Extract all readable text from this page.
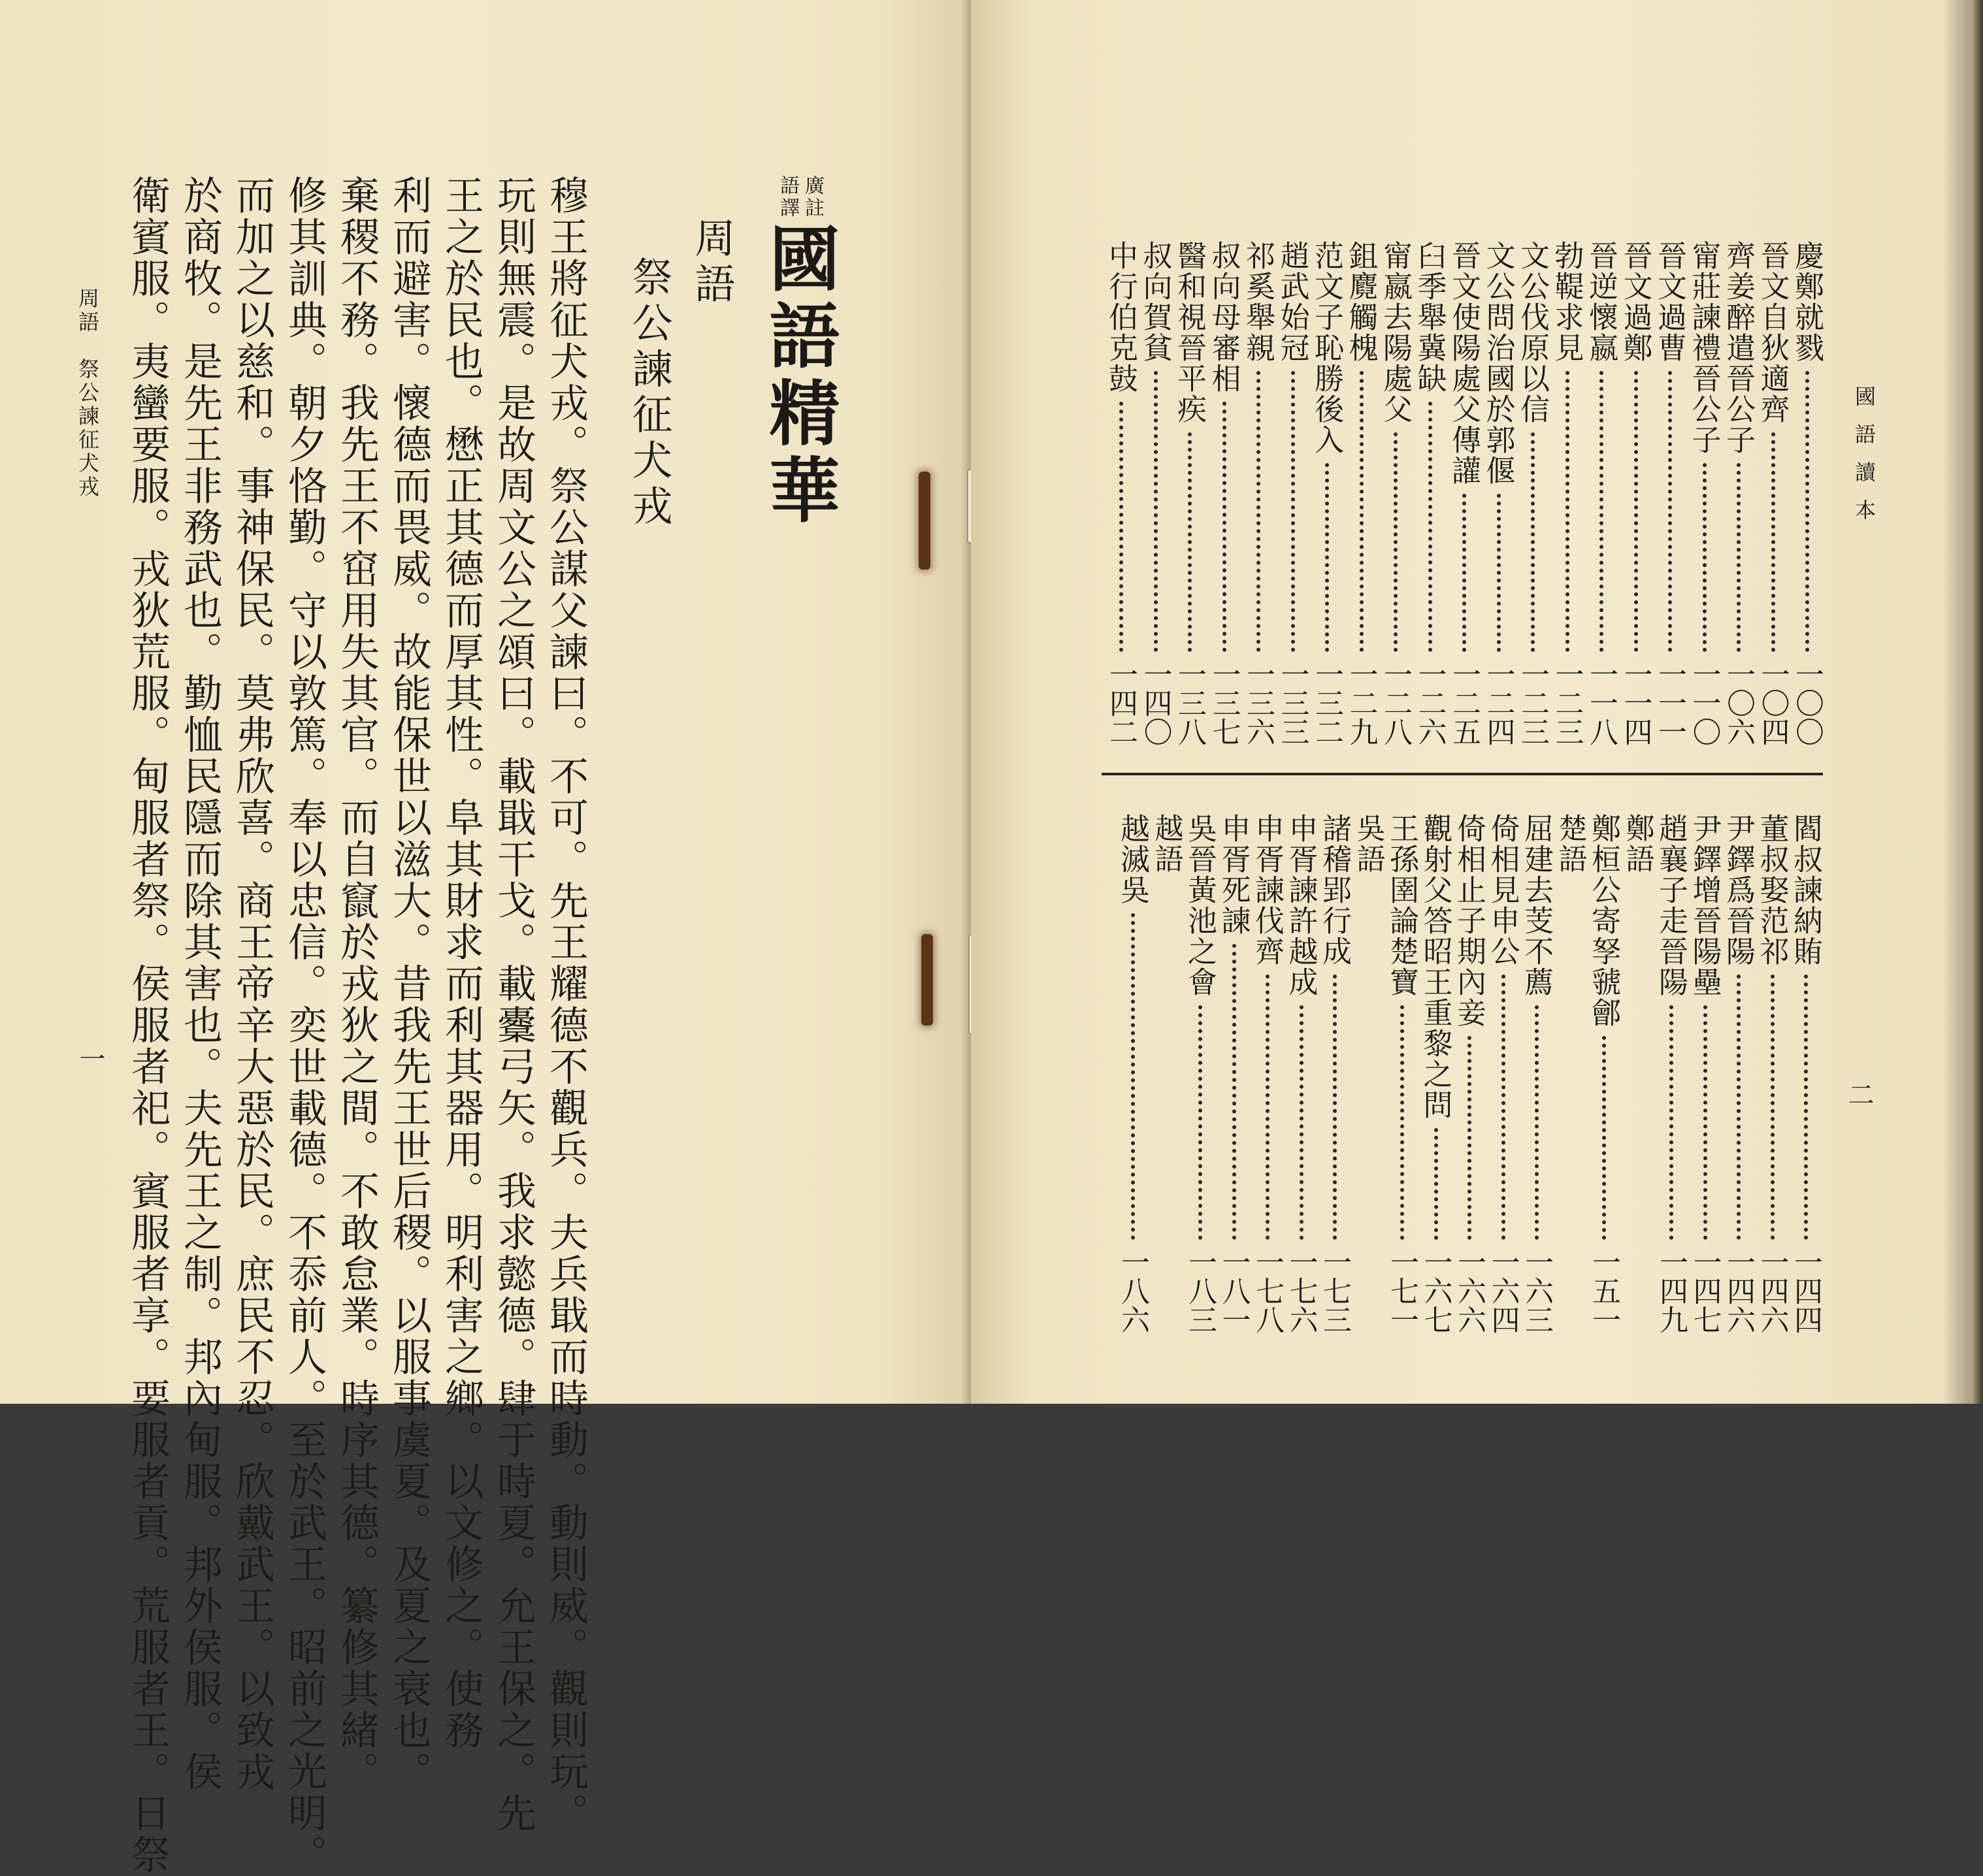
廣註
語譯
國語精華
周語
祭公諫征犬戎
穆王將征犬戎。祭公謀父諫曰。不可。先王耀德不觀兵。夫兵戢而時動。動則威。觀則玩。
玩則無震。是故周文公之頌曰。載戢干戈。載櫜弓矢。我求懿德。肆于時夏。允王保之。先
王之於民也。懋正其德而厚其性。阜其財求而利其器用。明利害之鄉。以文修之。使務
利而避害。懷德而畏威。故能保世以滋大。昔我先王世后稷。以服事虞夏。及夏之衰也。
棄稷不務。我先王不窋用失其官。而自竄於戎狄之間。不敢怠業。時序其德。纂修其緒。
修其訓典。朝夕恪勤。守以敦篤。奉以忠信。奕世載德。不忝前人。至於武王。昭前之光明。
而加之以慈和。事神保民。莫弗欣喜。商王帝辛大惡於民。庶民不忍。欣戴武王。以致戎
於商牧。是先王非務武也。勤恤民隱而除其害也。夫先王之制。邦內甸服。邦外侯服。侯
衛賓服。夷蠻要服。戎狄荒服。甸服者祭。侯服者祀。賓服者享。要服者貢。荒服者王。日祭
周語　祭公諫征犬戎
一
國語讀本
慶鄭就戮
一〇〇
晉文自狄適齊
一〇四
齊姜醉遣晉公子
一〇六
甯莊諫禮晉公子
一一〇
晉文過曹
一一一
晉文過鄭
一一四
晉逆懷嬴
一一八
勃鞮求見
一二三
文公伐原以信
一二三
文公問治國於郭偃
一二四
晉文使陽處父傳讙
一二五
臼季舉冀缺
一二六
甯嬴去陽處父
一二八
鉏麑觸槐
一二九
范文子恥勝後入
一三二
趙武始冠
一三三
祁奚舉親
一三六
叔向母審相
一三七
醫和視晉平疾
一三八
叔向賀貧
一四〇
中行伯克鼓
一四二
閻叔諫納賄
一四四
董叔娶范祁
一四六
尹鐸爲晉陽
一四六
尹鐸增晉陽壘
一四七
趙襄子走晉陽
一四九
鄭語
鄭桓公寄孥虢鄶
一五一
楚語
屈建去芰不薦
一六三
倚相見申公
一六四
倚相止子期內妾
一六六
觀射父答昭王重黎之問
一六七
王孫圉論楚寶
一七一
吳語
諸稽郢行成
一七三
申胥諫許越成
一七六
申胥諫伐齊
一七八
申胥死諫
一八一
吳晉黃池之會
一八三
越語
越滅吳
一八六
二
